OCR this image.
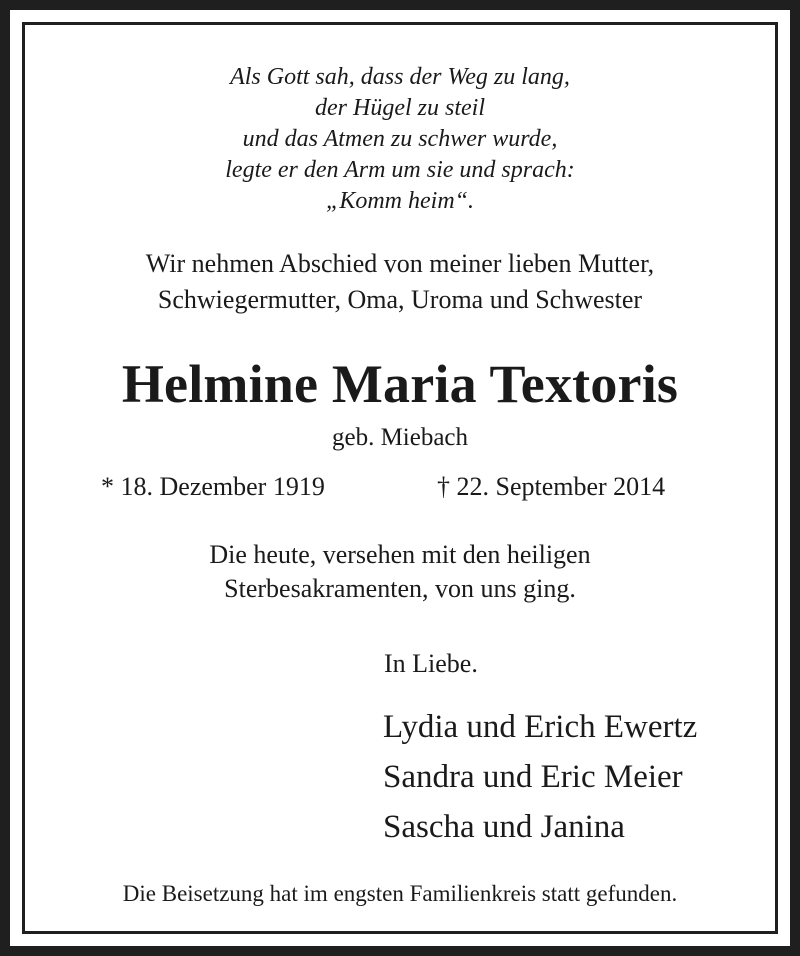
Als Gott sah, dass der Weg zu lang,
der Hügel zu steil
und das Atmen zu schwer wurde,
legte er den Arm um sie und sprach:
„Komm heim“.
Wir nehmen Abschied von meiner lieben Mutter,
Schwiegermutter, Oma, Uroma und Schwester
Helmine Maria Textoris
geb. Miebach
* 18. Dezember 1919	† 22. September 2014
Die heute, versehen mit den heiligen
Sterbesakramenten, von uns ging.
In Liebe.
Lydia und Erich Ewertz
Sandra und Eric Meier
Sascha und Janina
Die Beisetzung hat im engsten Familienkreis statt gefunden.
